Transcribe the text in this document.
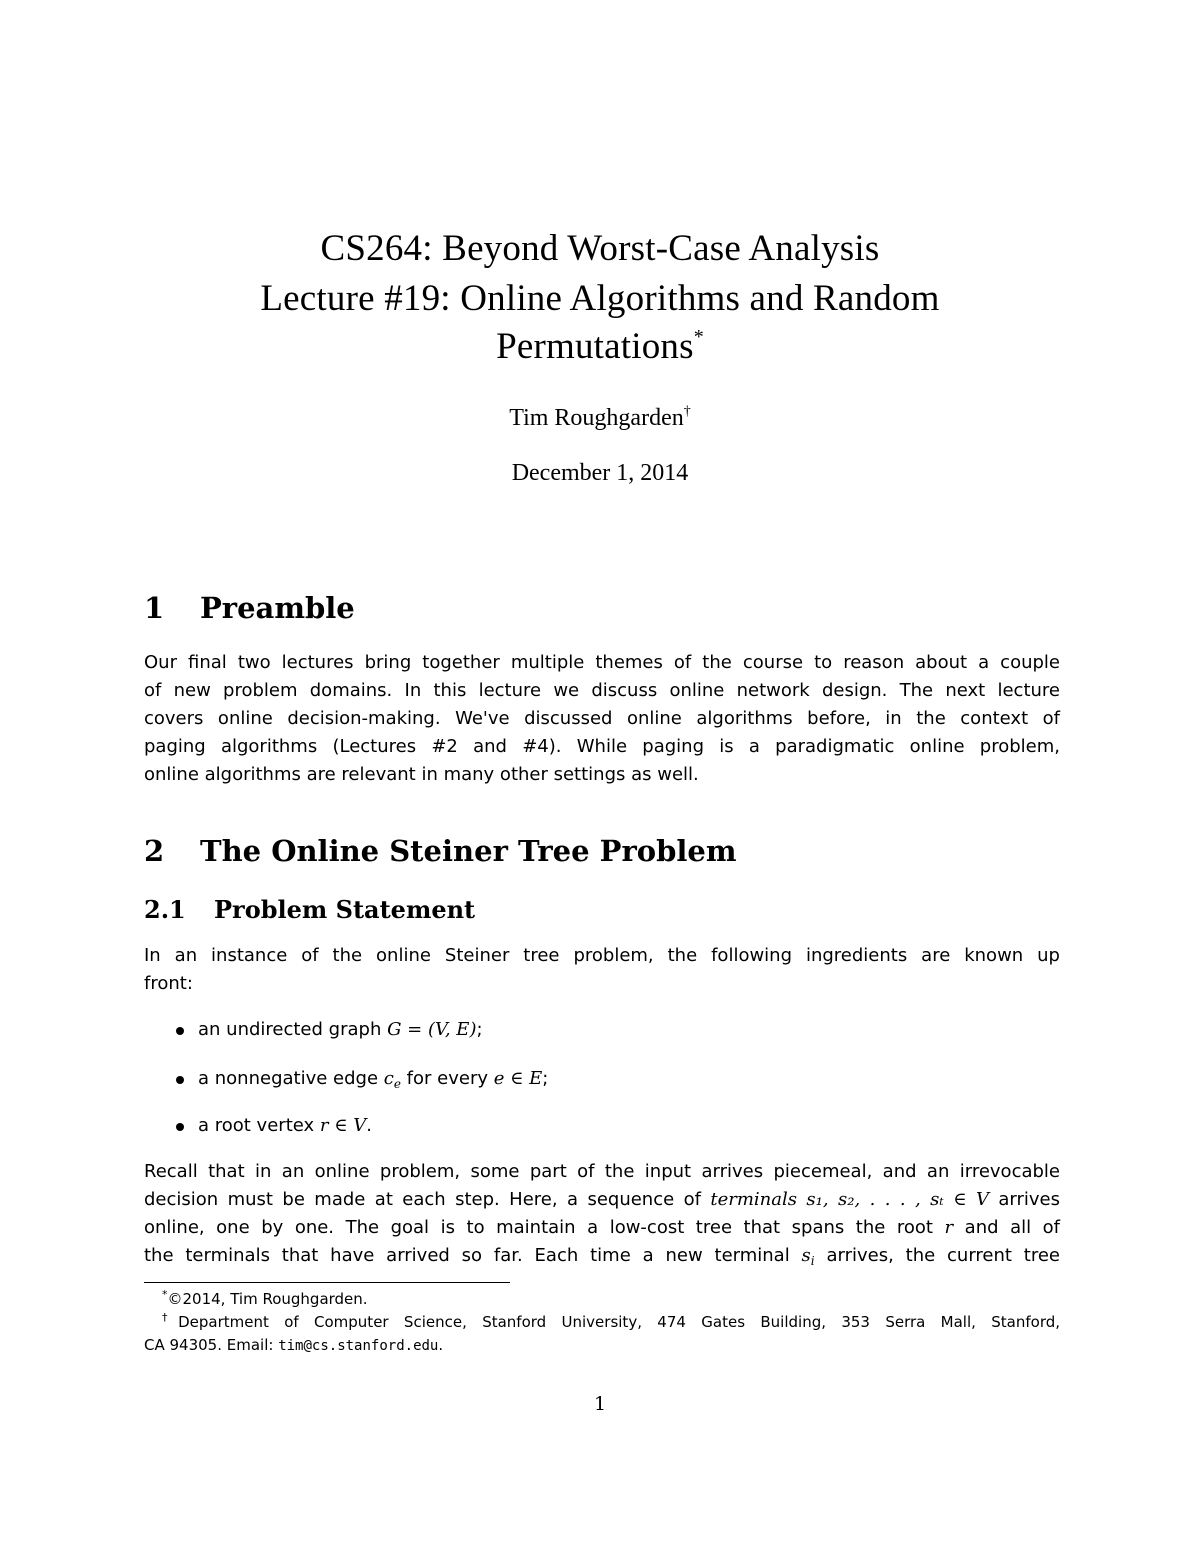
CS264: Beyond Worst-Case Analysis
Lecture #19: Online Algorithms and Random
Permutations*
Tim Roughgarden†
December 1, 2014
1 Preamble
Our final two lectures bring together multiple themes of the course to reason about a couple
of new problem domains. In this lecture we discuss online network design. The next lecture
covers online decision-making. We've discussed online algorithms before, in the context of
paging algorithms (Lectures #2 and #4). While paging is a paradigmatic online problem,
online algorithms are relevant in many other settings as well.
2 The Online Steiner Tree Problem
2.1 Problem Statement
In an instance of the online Steiner tree problem, the following ingredients are known up
front:
an undirected graph G = (V, E);
a nonnegative edge $c_e$ for every e ∈ E;
a root vertex r ∈ V.
Recall that in an online problem, some part of the input arrives piecemeal, and an irrevocable
decision must be made at each step. Here, a sequence of terminals s₁, s₂, . . . , sₜ ∈ V arrives
online, one by one. The goal is to maintain a low-cost tree that spans the root r and all of
the terminals that have arrived so far. Each time a new terminal $s_i$ arrives, the current tree
*©2014, Tim Roughgarden.
†Department of Computer Science, Stanford University, 474 Gates Building, 353 Serra Mall, Stanford,
CA 94305. Email: tim@cs.stanford.edu.
1
